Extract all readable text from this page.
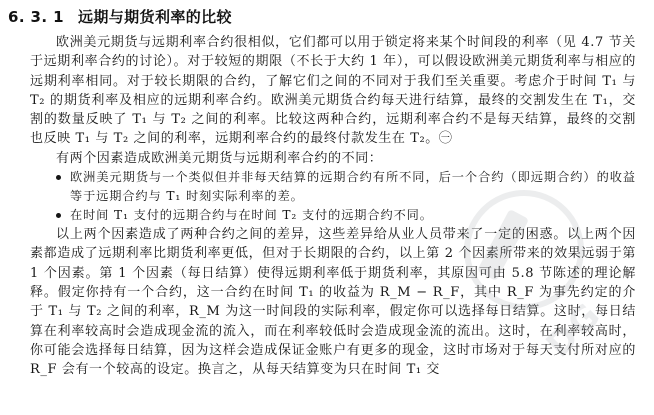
6. 3. 1 远期与期货利率的比较

欧洲美元期货与远期利率合约很相似，它们都可以用于锁定将来某个时间段的利率（见 4.7 节关于远期利率合约的讨论）。对于较短的期限（不长于大约 1 年），可以假设欧洲美元期货利率与相应的远期利率相同。对于较长期限的合约，了解它们之间的不同对于我们至关重要。考虑介于时间 T₁ 与 T₂ 的期货利率及相应的远期利率合约。欧洲美元期货合约每天进行结算，最终的交割发生在 T₁，交割的数量反映了 T₁ 与 T₂ 之间的利率。比较这两种合约，远期利率合约不是每天结算，最终的交割也反映 T₁ 与 T₂ 之间的利率，远期利率合约的最终付款发生在 T₂。㊀

有两个因素造成欧洲美元期货与远期利率合约的不同：

欧洲美元期货与一个类似但并非每天结算的远期合约有所不同，后一个合约（即远期合约）的收益等于远期合约与 T₁ 时刻实际利率的差。
在时间 T₁ 支付的远期合约与在时间 T₂ 支付的远期合约不同。

以上两个因素造成了两种合约之间的差异，这些差异给从业人员带来了一定的困惑。以上两个因素都造成了远期利率比期货利率更低，但对于长期限的合约，以上第 2 个因素所带来的效果远弱于第 1 个因素。第 1 个因素（每日结算）使得远期利率低于期货利率，其原因可由 5.8 节陈述的理论解释。假定你持有一个合约，这一合约在时间 T₁ 的收益为 R_M − R_F，其中 R_F 为事先约定的介于 T₁ 与 T₂ 之间的利率，R_M 为这一时间段的实际利率，假定你可以选择每日结算。这时，每日结算在利率较高时会造成现金流的流入，而在利率较低时会造成现金流的流出。这时，在利率较高时，你可能会选择每日结算，因为这样会造成保证金账户有更多的现金，这时市场对于每天支付所对应的 R_F 会有一个较高的设定。换言之，从每天结算变为只在时间 T₁ 交

DG
